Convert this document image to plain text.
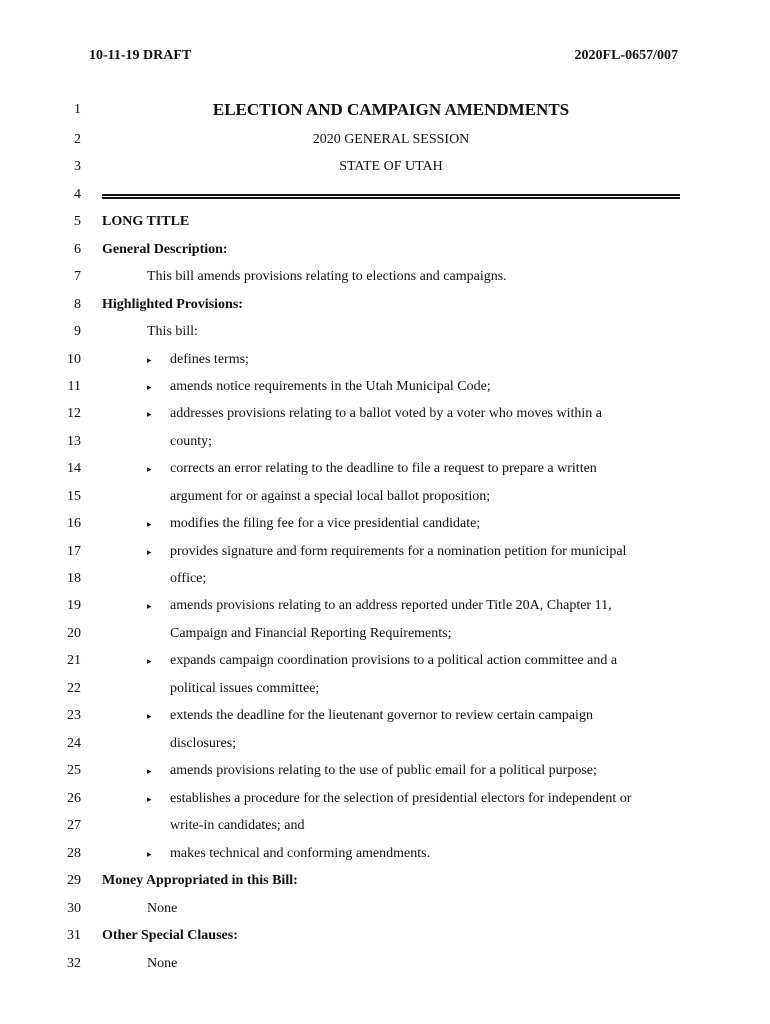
10-11-19 DRAFT	2020FL-0657/007
1	ELECTION AND CAMPAIGN AMENDMENTS
2	2020 GENERAL SESSION
3	STATE OF UTAH
4
5 LONG TITLE
6 General Description:
7	This bill amends provisions relating to elections and campaigns.
8 Highlighted Provisions:
9	This bill:
10	▸ defines terms;
11	▸ amends notice requirements in the Utah Municipal Code;
12	▸ addresses provisions relating to a ballot voted by a voter who moves within a
13	county;
14	▸ corrects an error relating to the deadline to file a request to prepare a written
15	argument for or against a special local ballot proposition;
16	▸ modifies the filing fee for a vice presidential candidate;
17	▸ provides signature and form requirements for a nomination petition for municipal
18	office;
19	▸ amends provisions relating to an address reported under Title 20A, Chapter 11,
20	Campaign and Financial Reporting Requirements;
21	▸ expands campaign coordination provisions to a political action committee and a
22	political issues committee;
23	▸ extends the deadline for the lieutenant governor to review certain campaign
24	disclosures;
25	▸ amends provisions relating to the use of public email for a political purpose;
26	▸ establishes a procedure for the selection of presidential electors for independent or
27	write-in candidates; and
28	▸ makes technical and conforming amendments.
29 Money Appropriated in this Bill:
30	None
31 Other Special Clauses:
32	None
